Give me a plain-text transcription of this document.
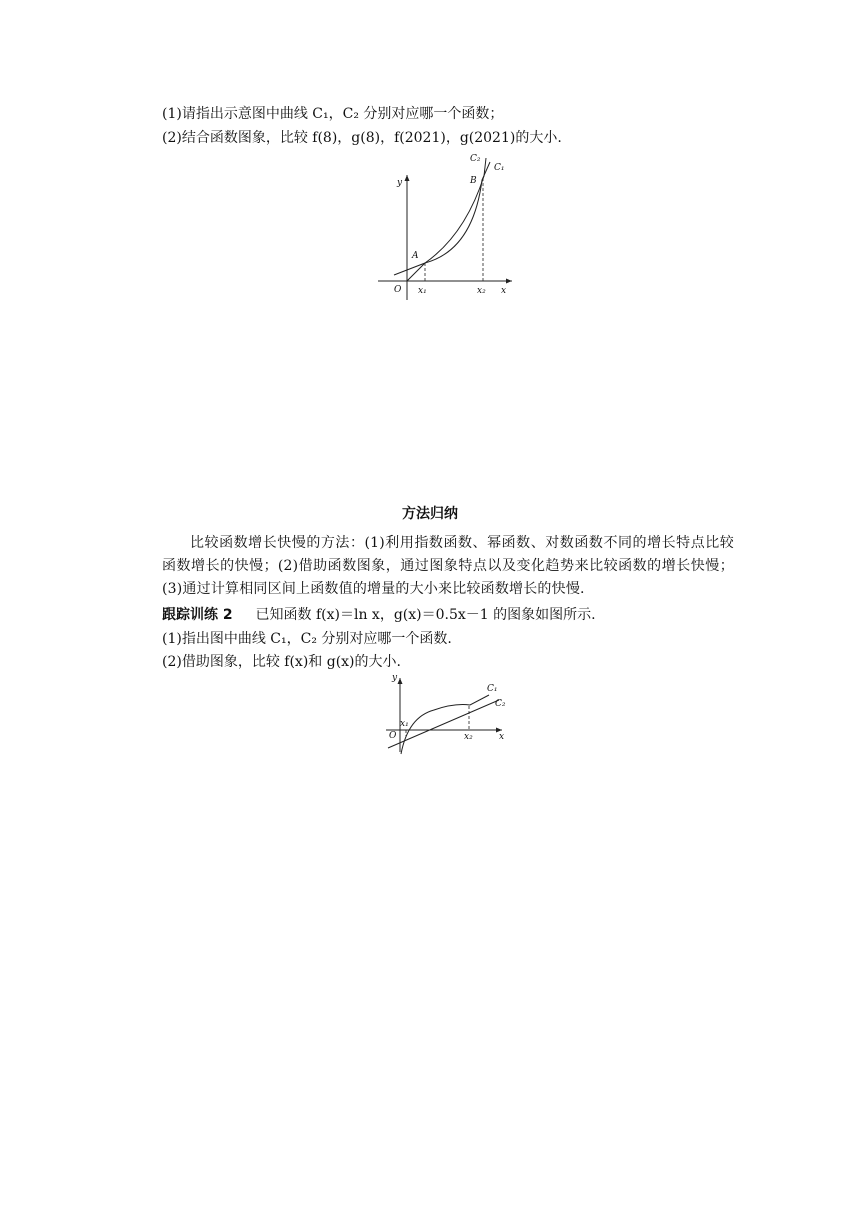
(1)请指出示意图中曲线 C₁，C₂ 分别对应哪一个函数；
(2)结合函数图象，比较 f(8)，g(8)，f(2021)，g(2021)的大小.
y
O x₁	x₂ x
A
B
C₂
C₁
方法归纳
比较函数增长快慢的方法：(1)利用指数函数、幂函数、对数函数不同的增长特点比较函数增长的快慢；(2)借助函数图象，通过图象特点以及变化趋势来比较函数的增长快慢；(3)通过计算相同区间上函数值的增量的大小来比较函数增长的快慢.
跟踪训练 2 已知函数 f(x)＝ln x，g(x)＝0.5x－1 的图象如图所示.
(1)指出图中曲线 C₁，C₂ 分别对应哪一个函数.
(2)借助图象，比较 f(x)和 g(x)的大小.
y
x₁
O	x₂	x
C₁
C₂
